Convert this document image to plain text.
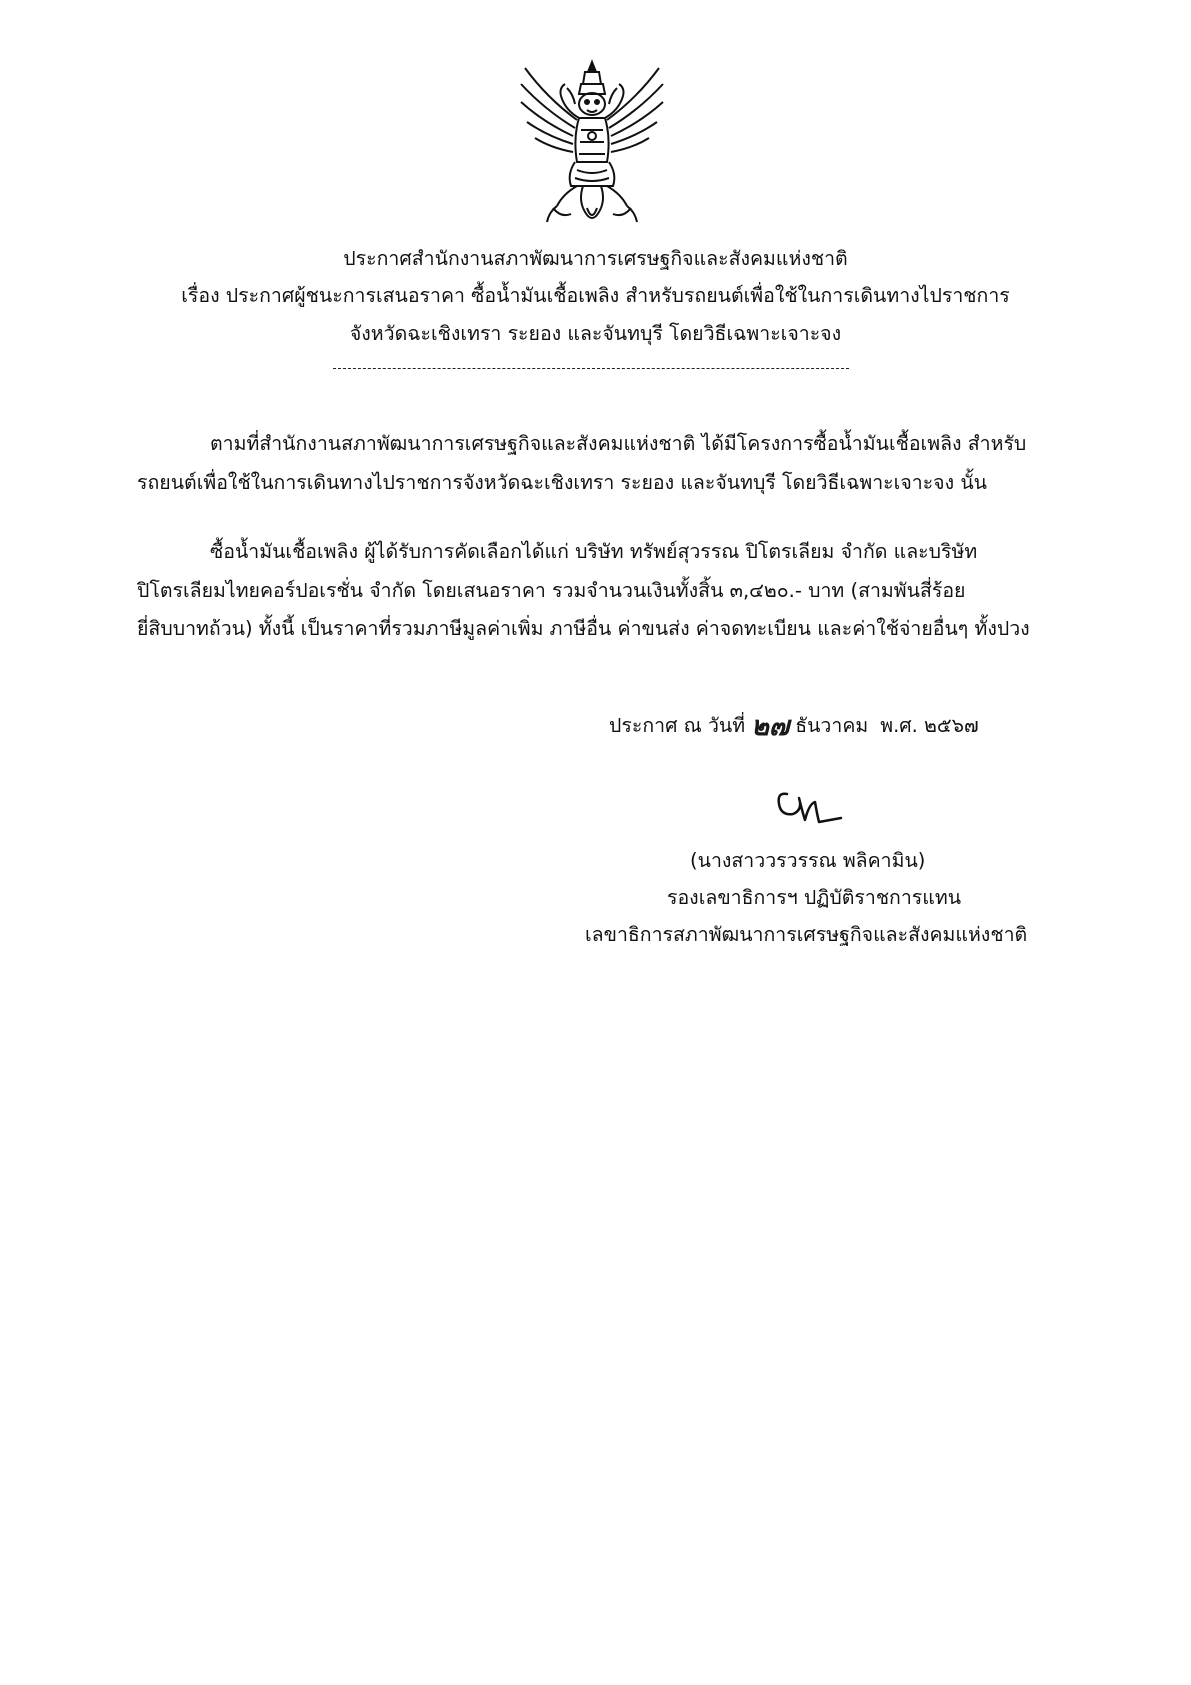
ประกาศสำนักงานสภาพัฒนาการเศรษฐกิจและสังคมแห่งชาติ
เรื่อง ประกาศผู้ชนะการเสนอราคา ซื้อน้ำมันเชื้อเพลิง สำหรับรถยนต์เพื่อใช้ในการเดินทางไปราชการ
จังหวัดฉะเชิงเทรา ระยอง และจันทบุรี โดยวิธีเฉพาะเจาะจง
ตามที่สำนักงานสภาพัฒนาการเศรษฐกิจและสังคมแห่งชาติ ได้มีโครงการซื้อน้ำมันเชื้อเพลิง สำหรับ
รถยนต์เพื่อใช้ในการเดินทางไปราชการจังหวัดฉะเชิงเทรา ระยอง และจันทบุรี โดยวิธีเฉพาะเจาะจง นั้น
ซื้อน้ำมันเชื้อเพลิง ผู้ได้รับการคัดเลือกได้แก่ บริษัท ทรัพย์สุวรรณ ปิโตรเลียม จำกัด และบริษัท
ปิโตรเลียมไทยคอร์ปอเรชั่น จำกัด โดยเสนอราคา รวมจำนวนเงินทั้งสิ้น ๓,๔๒๐.- บาท (สามพันสี่ร้อย
ยี่สิบบาทถ้วน) ทั้งนี้ เป็นราคาที่รวมภาษีมูลค่าเพิ่ม ภาษีอื่น ค่าขนส่ง ค่าจดทะเบียน และค่าใช้จ่ายอื่นๆ ทั้งปวง
ประกาศ ณ วันที่ ๒๗ ธันวาคม พ.ศ. ๒๕๖๗
(นางสาววรวรรณ พลิคามิน)
รองเลขาธิการฯ ปฏิบัติราชการแทน
เลขาธิการสภาพัฒนาการเศรษฐกิจและสังคมแห่งชาติ
